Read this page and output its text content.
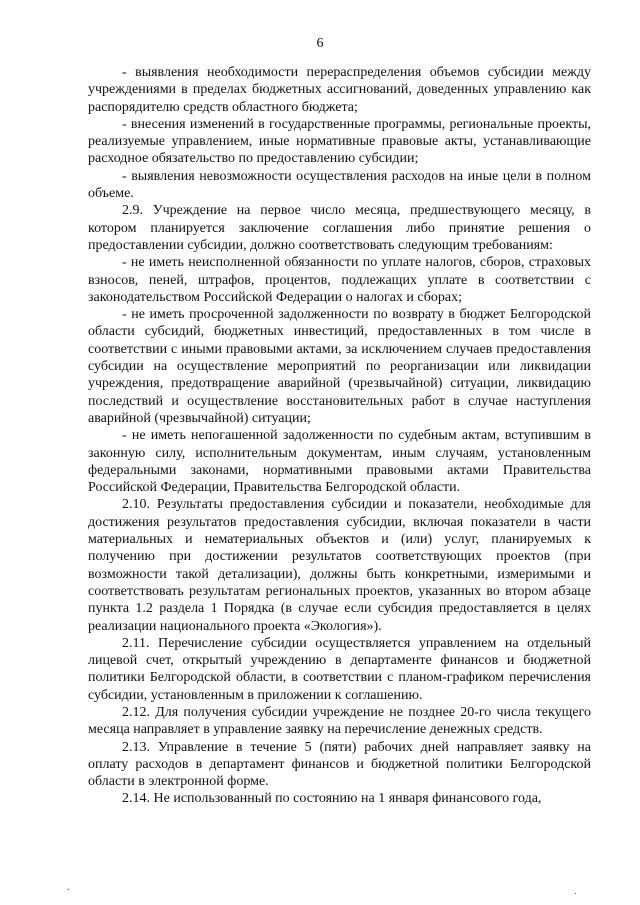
6

- выявления необходимости перераспределения объемов субсидии между учреждениями в пределах бюджетных ассигнований, доведенных управлению как распорядителю средств областного бюджета;

- внесения изменений в государственные программы, региональные проекты, реализуемые управлением, иные нормативные правовые акты, устанавливающие расходное обязательство по предоставлению субсидии;

- выявления невозможности осуществления расходов на иные цели в полном объеме.

2.9. Учреждение на первое число месяца, предшествующего месяцу, в котором планируется заключение соглашения либо принятие решения о предоставлении субсидии, должно соответствовать следующим требованиям:

- не иметь неисполненной обязанности по уплате налогов, сборов, страховых взносов, пеней, штрафов, процентов, подлежащих уплате в соответствии с законодательством Российской Федерации о налогах и сборах;

- не иметь просроченной задолженности по возврату в бюджет Белгородской области субсидий, бюджетных инвестиций, предоставленных в том числе в соответствии с иными правовыми актами, за исключением случаев предоставления субсидии на осуществление мероприятий по реорганизации или ликвидации учреждения, предотвращение аварийной (чрезвычайной) ситуации, ликвидацию последствий и осуществление восстановительных работ в случае наступления аварийной (чрезвычайной) ситуации;

- не иметь непогашенной задолженности по судебным актам, вступившим в законную силу, исполнительным документам, иным случаям, установленным федеральными законами, нормативными правовыми актами Правительства Российской Федерации, Правительства Белгородской области.

2.10. Результаты предоставления субсидии и показатели, необходимые для достижения результатов предоставления субсидии, включая показатели в части материальных и нематериальных объектов и (или) услуг, планируемых к получению при достижении результатов соответствующих проектов (при возможности такой детализации), должны быть конкретными, измеримыми и соответствовать результатам региональных проектов, указанных во втором абзаце пункта 1.2 раздела 1 Порядка (в случае если субсидия предоставляется в целях реализации национального проекта «Экология»).

2.11. Перечисление субсидии осуществляется управлением на отдельный лицевой счет, открытый учреждению в департаменте финансов и бюджетной политики Белгородской области, в соответствии с планом-графиком перечисления субсидии, установленным в приложении к соглашению.

2.12. Для получения субсидии учреждение не позднее 20-го числа текущего месяца направляет в управление заявку на перечисление денежных средств.

2.13. Управление в течение 5 (пяти) рабочих дней направляет заявку на оплату расходов в департамент финансов и бюджетной политики Белгородской области в электронной форме.

2.14. Не использованный по состоянию на 1 января финансового года,

.	.
